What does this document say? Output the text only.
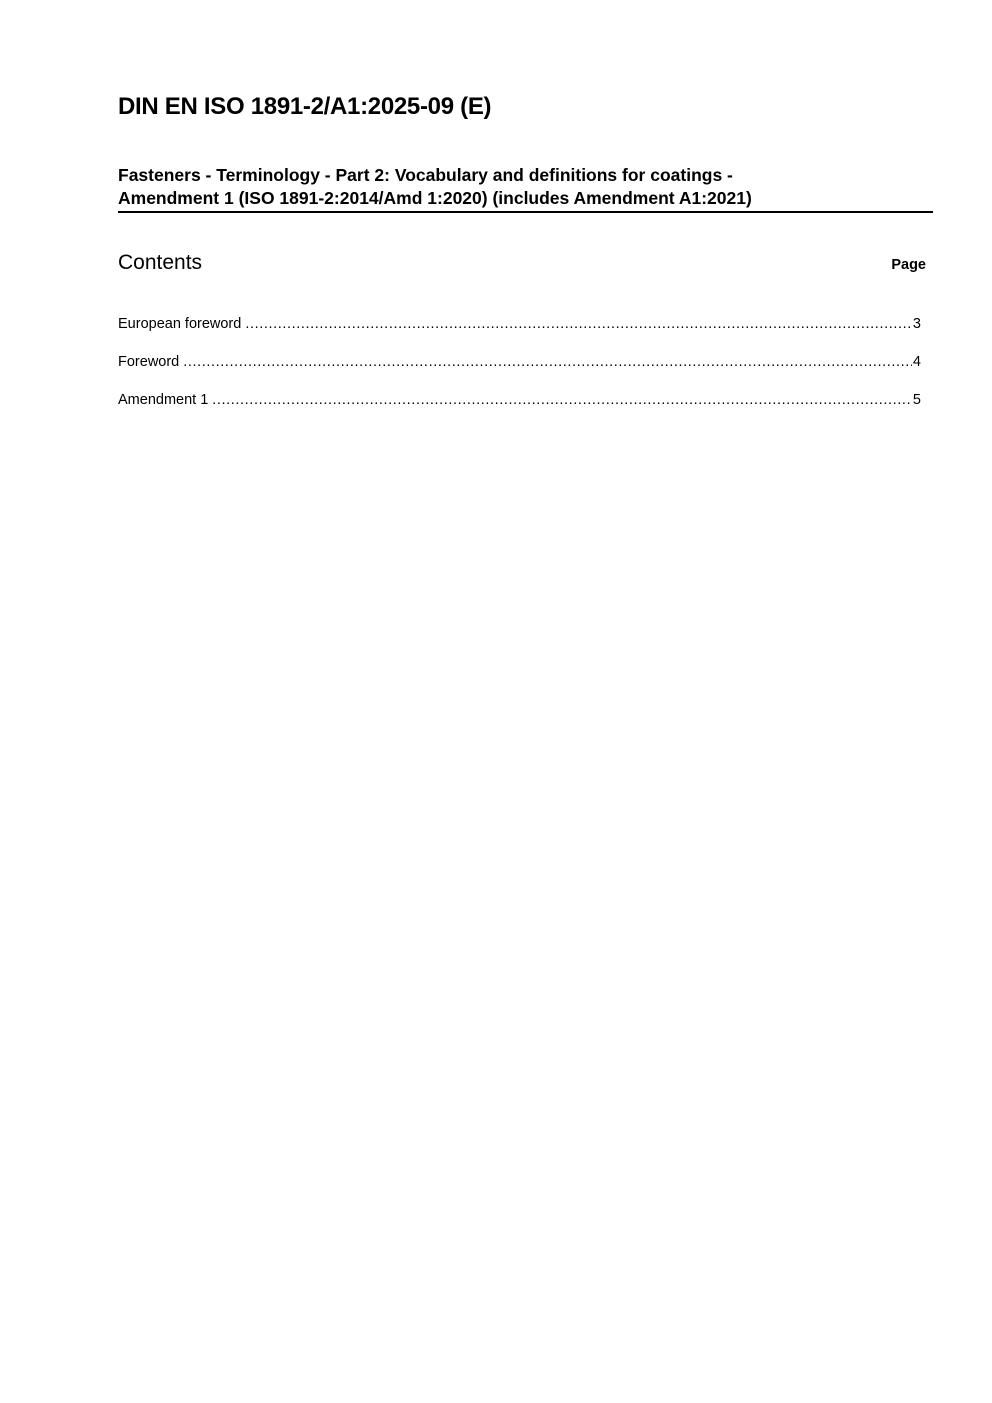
DIN EN ISO 1891-2/A1:2025-09 (E)
Fasteners - Terminology - Part 2: Vocabulary and definitions for coatings -
Amendment 1 (ISO 1891-2:2014/Amd 1:2020) (includes Amendment A1:2021)
Contents	Page
European foreword .....	3
Foreword .....	4
Amendment 1 .....	5
